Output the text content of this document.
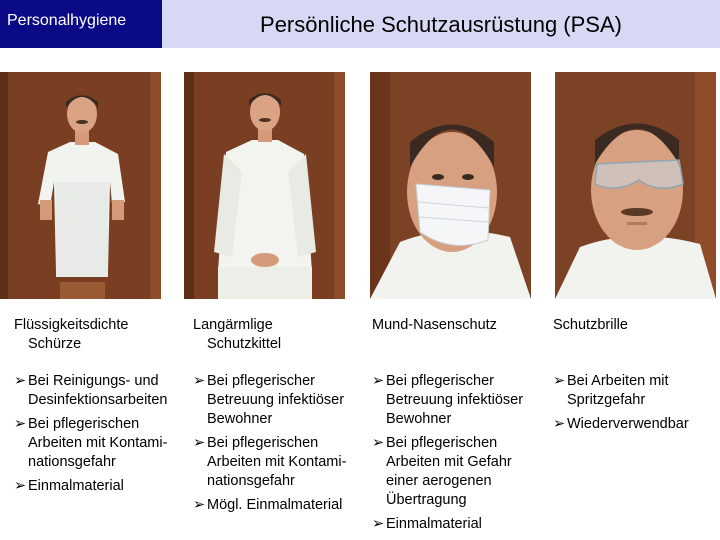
Personalhygiene	Persönliche Schutzausrüstung (PSA)
Flüssigkeitsdichte
Schürze
➢ Bei Reinigungs- und
Desinfektionsarbeiten
➢ Bei pflegerischen
Arbeiten mit Kontami-
nationsgefahr
➢ Einmalmaterial
Langärmlige
Schutzkittel
➢ Bei pflegerischer
Betreuung infektiöser
Bewohner
➢ Bei pflegerischen
Arbeiten mit Kontami-
nationsgefahr
➢ Mögl. Einmalmaterial
Mund-Nasenschutz

➢ Bei pflegerischer
Betreuung infektiöser
Bewohner
➢ Bei pflegerischen
Arbeiten mit Gefahr
einer aerogenen
Übertragung
➢ Einmalmaterial
Schutzbrille

➢ Bei Arbeiten mit
Spritzgefahr
➢ Wiederverwendbar
